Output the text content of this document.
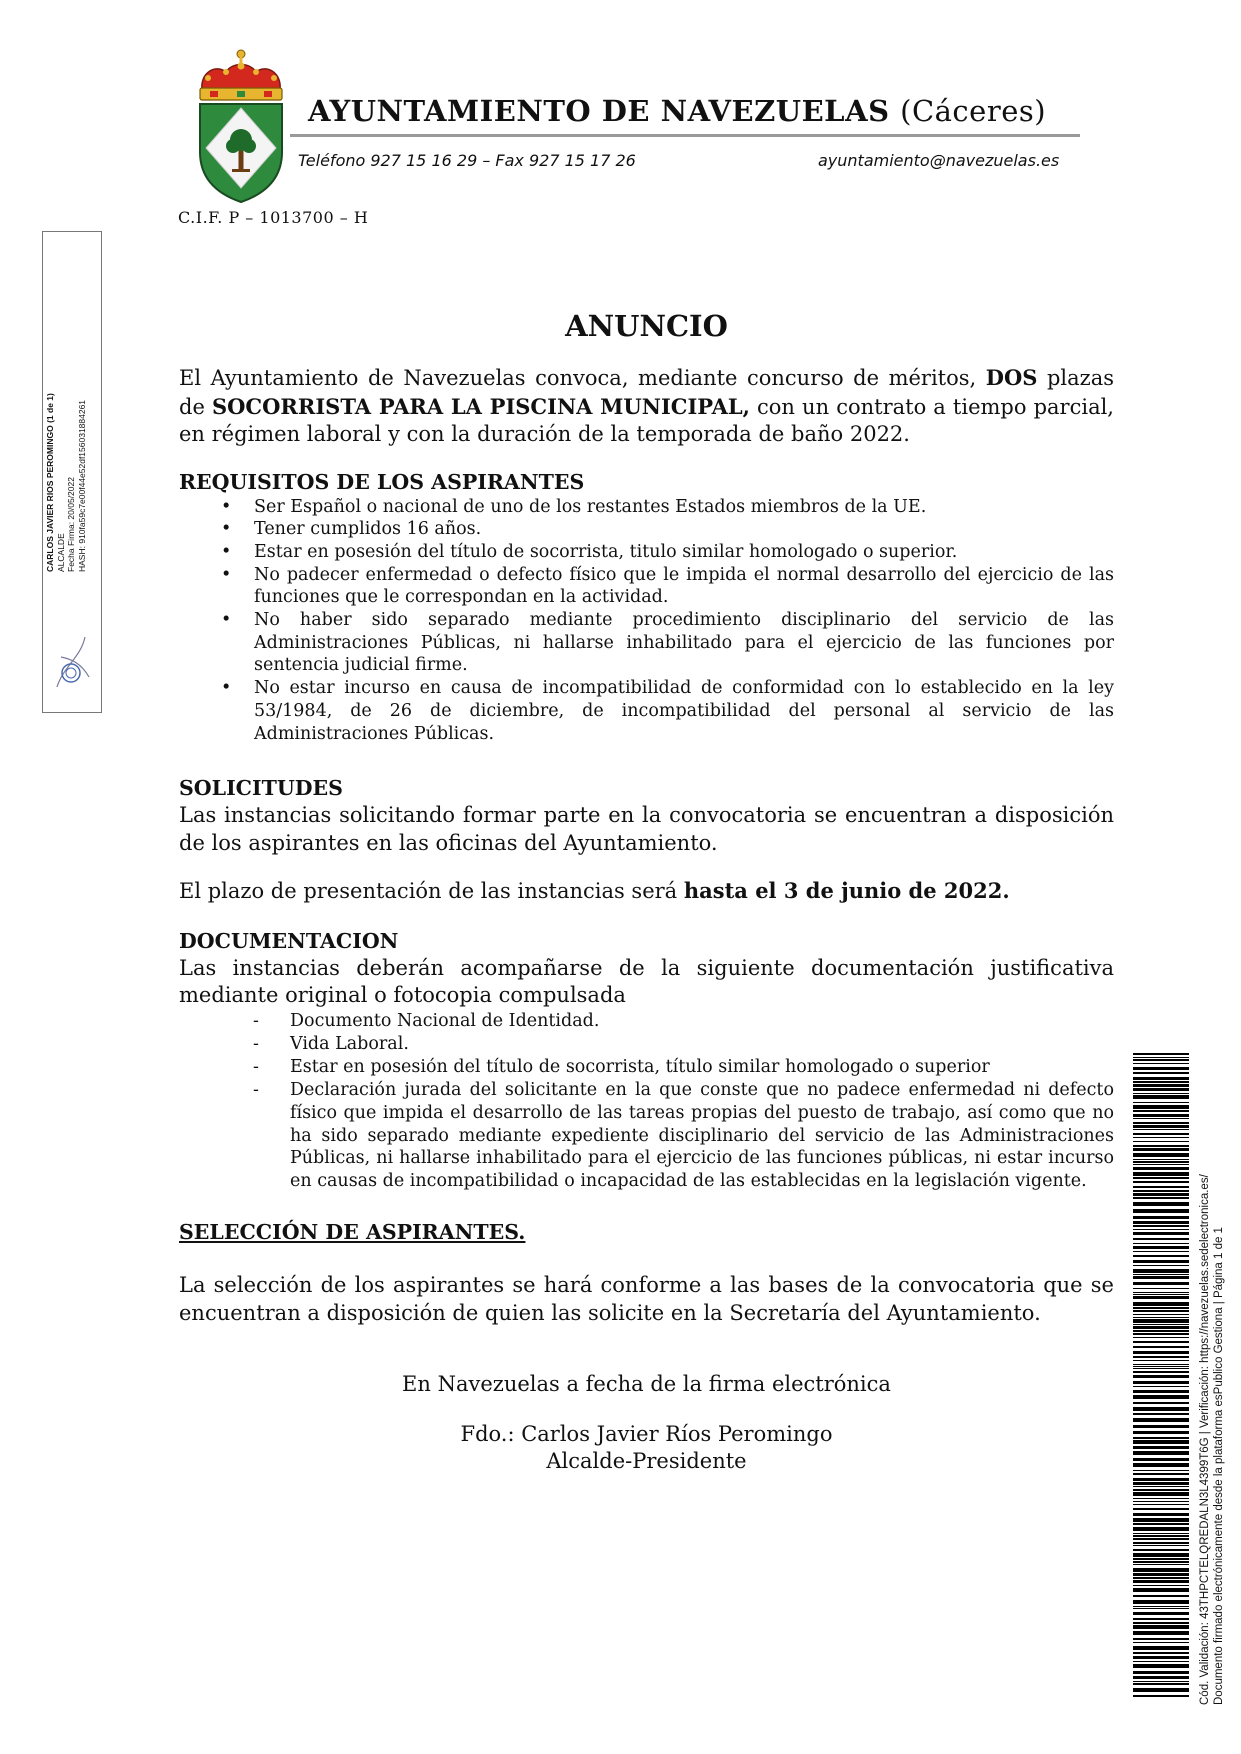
AYUNTAMIENTO DE NAVEZUELAS (Cáceres)
Teléfono 927 15 16 29 – Fax 927 15 17 26	ayuntamiento@navezuelas.es
C.I.F. P – 1013700 – H
CARLOS JAVIER RIOS PEROMINGO (1 de 1) ALCALDE Fecha Firma: 20/05/2022 HASH: 910fa59c7e00f44e52df156031884261
ANUNCIO

El Ayuntamiento de Navezuelas convoca, mediante concurso de méritos, DOS plazas de SOCORRISTA PARA LA PISCINA MUNICIPAL, con un contrato a tiempo parcial, en régimen laboral y con la duración de la temporada de baño 2022.

REQUISITOS DE LOS ASPIRANTES

• Ser Español o nacional de uno de los restantes Estados miembros de la UE.
• Tener cumplidos 16 años.
• Estar en posesión del título de socorrista, titulo similar homologado o superior.
• No padecer enfermedad o defecto físico que le impida el normal desarrollo del ejercicio de las funciones que le correspondan en la actividad.
• No haber sido separado mediante procedimiento disciplinario del servicio de las Administraciones Públicas, ni hallarse inhabilitado para el ejercicio de las funciones por sentencia judicial firme.
• No estar incurso en causa de incompatibilidad de conformidad con lo establecido en la ley 53/1984, de 26 de diciembre, de incompatibilidad del personal al servicio de las Administraciones Públicas.

SOLICITUDES

Las instancias solicitando formar parte en la convocatoria se encuentran a disposición de los aspirantes en las oficinas del Ayuntamiento.

El plazo de presentación de las instancias será hasta el 3 de junio de 2022.

DOCUMENTACION

Las instancias deberán acompañarse de la siguiente documentación justificativa mediante original o fotocopia compulsada

- Documento Nacional de Identidad.
- Vida Laboral.
- Estar en posesión del título de socorrista, título similar homologado o superior
- Declaración jurada del solicitante en la que conste que no padece enfermedad ni defecto físico que impida el desarrollo de las tareas propias del puesto de trabajo, así como que no ha sido separado mediante expediente disciplinario del servicio de las Administraciones Públicas, ni hallarse inhabilitado para el ejercicio de las funciones públicas, ni estar incurso en causas de incompatibilidad o incapacidad de las establecidas en la legislación vigente.

SELECCIÓN DE ASPIRANTES.

La selección de los aspirantes se hará conforme a las bases de la convocatoria que se encuentran a disposición de quien las solicite en la Secretaría del Ayuntamiento.

En Navezuelas a fecha de la firma electrónica

Fdo.: Carlos Javier Ríos Peromingo

Alcalde-Presidente	Cód. Validación: 43THPCTELQREDALN3L4399T6G | Verificación: https://navezuelas.sedelectronica.es/ Documento firmado electrónicamente desde la plataforma esPublico Gestiona | Página 1 de 1
